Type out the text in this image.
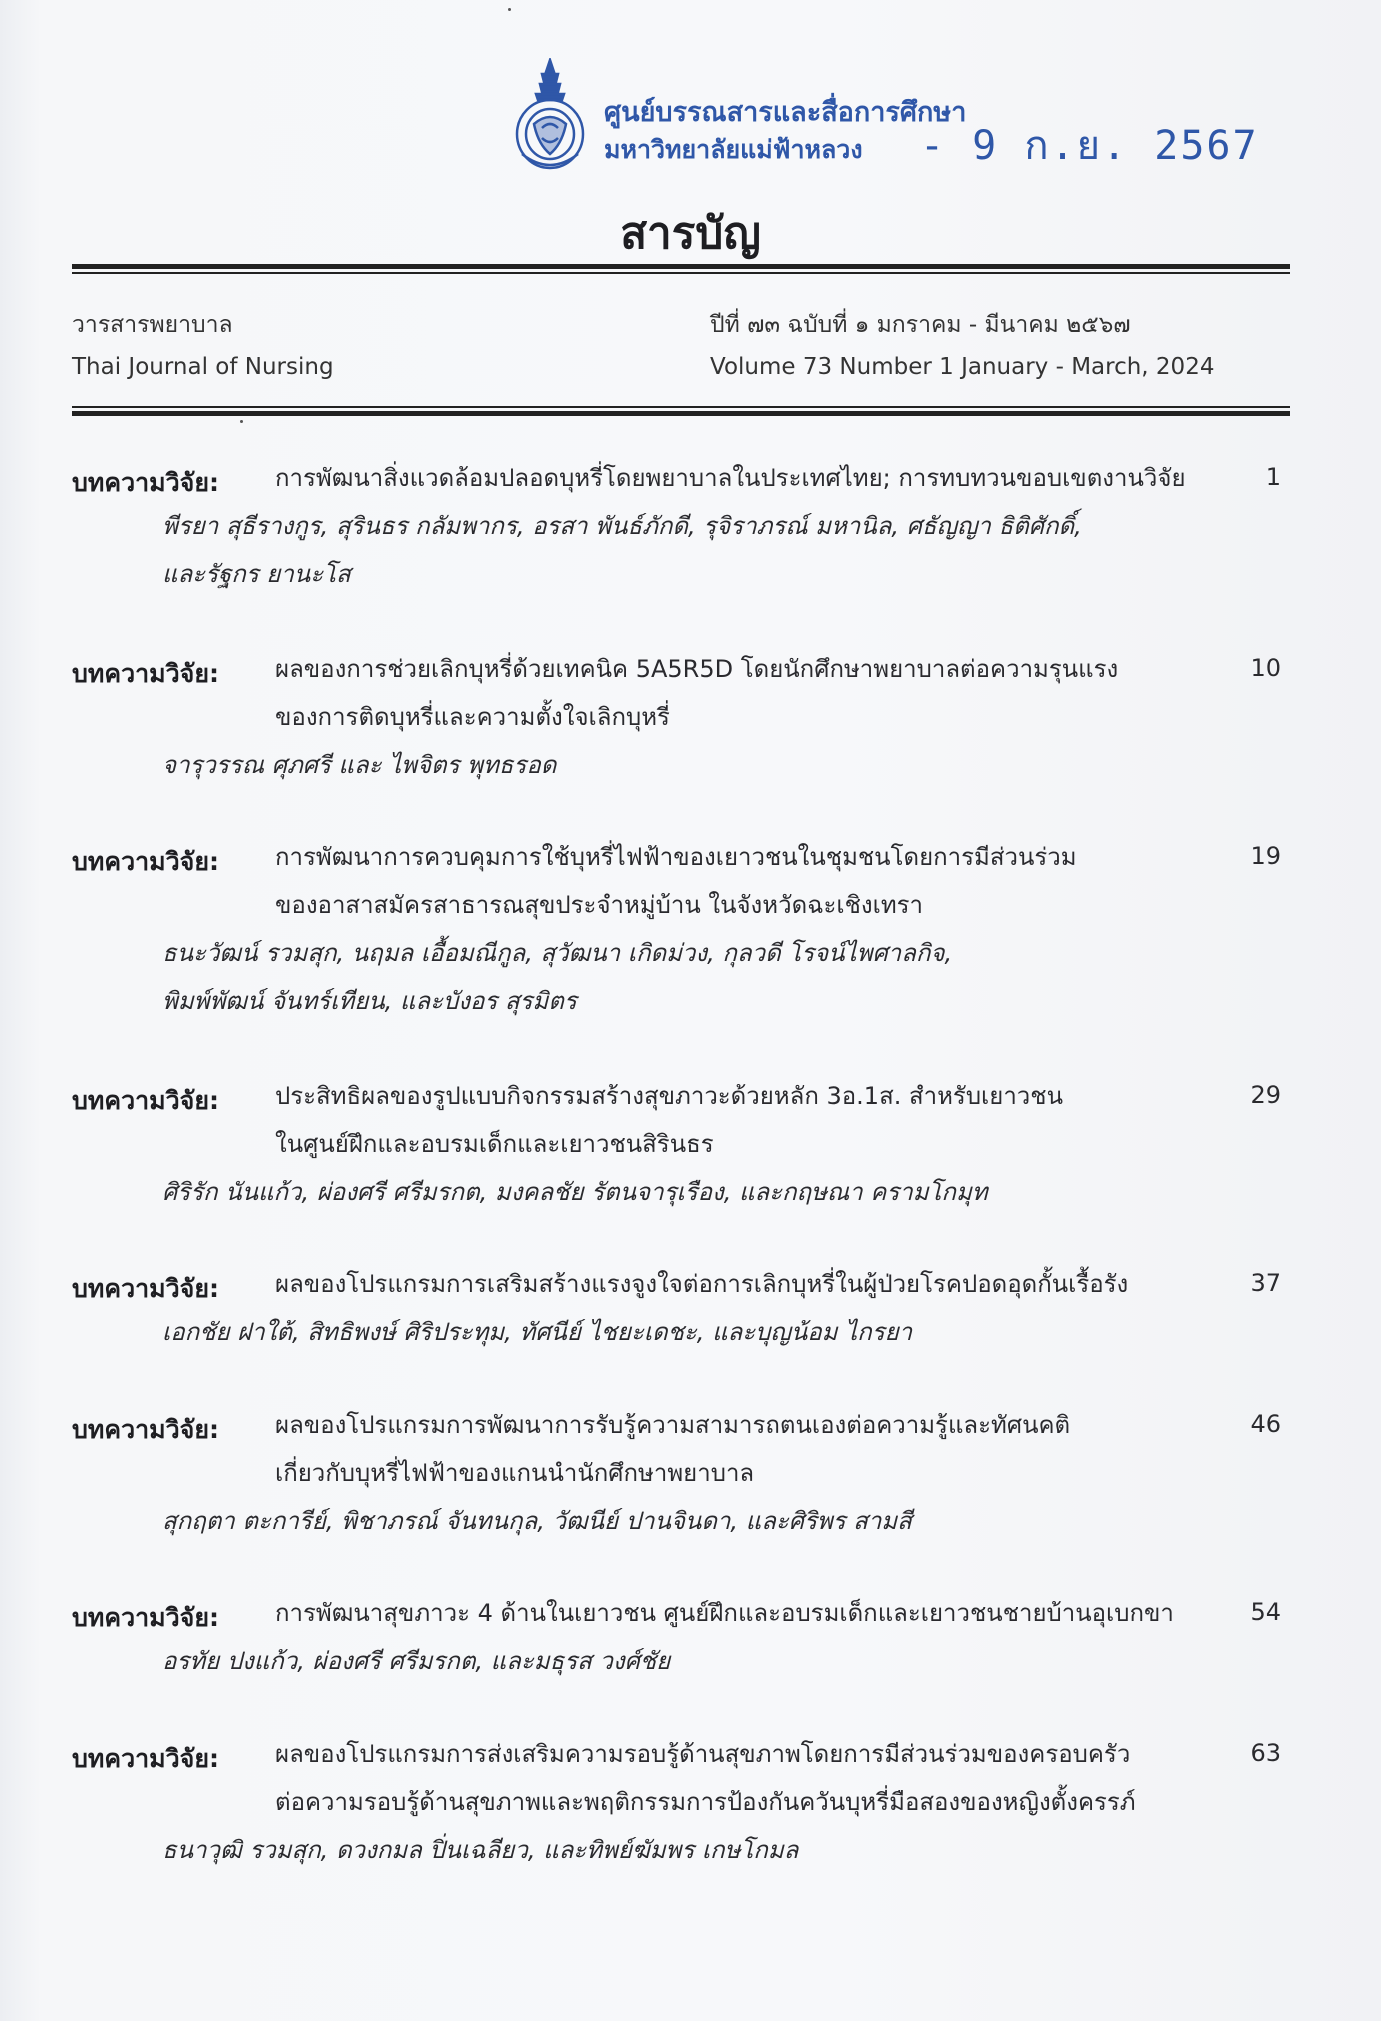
ศูนย์บรรณสารและสื่อการศึกษา
มหาวิทยาลัยแม่ฟ้าหลวง	- 9 ก.ย. 2567
สารบัญ
วารสารพยาบาล
Thai Journal of Nursing
ปีที่ ๗๓ ฉบับที่ ๑ มกราคม - มีนาคม ๒๕๖๗
Volume 73 Number 1 January - March, 2024
บทความวิจัย: การพัฒนาสิ่งแวดล้อมปลอดบุหรี่โดยพยาบาลในประเทศไทย; การทบทวนขอบเขตงานวิจัย	1
พีรยา สุธีรางกูร, สุรินธร กลัมพากร, อรสา พันธ์ภักดี, รุจิราภรณ์ มหานิล, ศธัญญา ธิติศักดิ์,
และรัฐกร ยานะโส
บทความวิจัย: ผลของการช่วยเลิกบุหรี่ด้วยเทคนิค 5A5R5D โดยนักศึกษาพยาบาลต่อความรุนแรง
ของการติดบุหรี่และความตั้งใจเลิกบุหรี่
10
จารุวรรณ ศุภศรี และ ไพจิตร พุทธรอด
บทความวิจัย: การพัฒนาการควบคุมการใช้บุหรี่ไฟฟ้าของเยาวชนในชุมชนโดยการมีส่วนร่วม
ของอาสาสมัครสาธารณสุขประจำหมู่บ้าน ในจังหวัดฉะเชิงเทรา
19
ธนะวัฒน์ รวมสุก, นฤมล เอื้อมณีกูล, สุวัฒนา เกิดม่วง, กุลวดี โรจน์ไพศาลกิจ,
พิมพ์พัฒน์ จันทร์เทียน, และบังอร สุรมิตร
บทความวิจัย: ประสิทธิผลของรูปแบบกิจกรรมสร้างสุขภาวะด้วยหลัก 3อ.1ส. สำหรับเยาวชน
ในศูนย์ฝึกและอบรมเด็กและเยาวชนสิรินธร
29
ศิริรัก นันแก้ว, ผ่องศรี ศรีมรกต, มงคลชัย รัตนจารุเรือง, และกฤษณา ครามโกมุท
บทความวิจัย: ผลของโปรแกรมการเสริมสร้างแรงจูงใจต่อการเลิกบุหรี่ในผู้ป่วยโรคปอดอุดกั้นเรื้อรัง	37
เอกชัย ฝาใต้, สิทธิพงษ์ ศิริประทุม, ทัศนีย์ ไชยะเดชะ, และบุญน้อม ไกรยา
บทความวิจัย: ผลของโปรแกรมการพัฒนาการรับรู้ความสามารถตนเองต่อความรู้และทัศนคติ
เกี่ยวกับบุหรี่ไฟฟ้าของแกนนำนักศึกษาพยาบาล
46
สุกฤตา ตะการีย์, พิชาภรณ์ จันทนกุล, วัฒนีย์ ปานจินดา, และศิริพร สามสี
บทความวิจัย: การพัฒนาสุขภาวะ 4 ด้านในเยาวชน ศูนย์ฝึกและอบรมเด็กและเยาวชนชายบ้านอุเบกขา	54
อรทัย ปงแก้ว, ผ่องศรี ศรีมรกต, และมธุรส วงศ์ชัย
บทความวิจัย: ผลของโปรแกรมการส่งเสริมความรอบรู้ด้านสุขภาพโดยการมีส่วนร่วมของครอบครัว
ต่อความรอบรู้ด้านสุขภาพและพฤติกรรมการป้องกันควันบุหรี่มือสองของหญิงตั้งครรภ์
63
ธนาวุฒิ รวมสุก, ดวงกมล ปิ่นเฉลียว, และทิพย์ฆัมพร เกษโกมล
